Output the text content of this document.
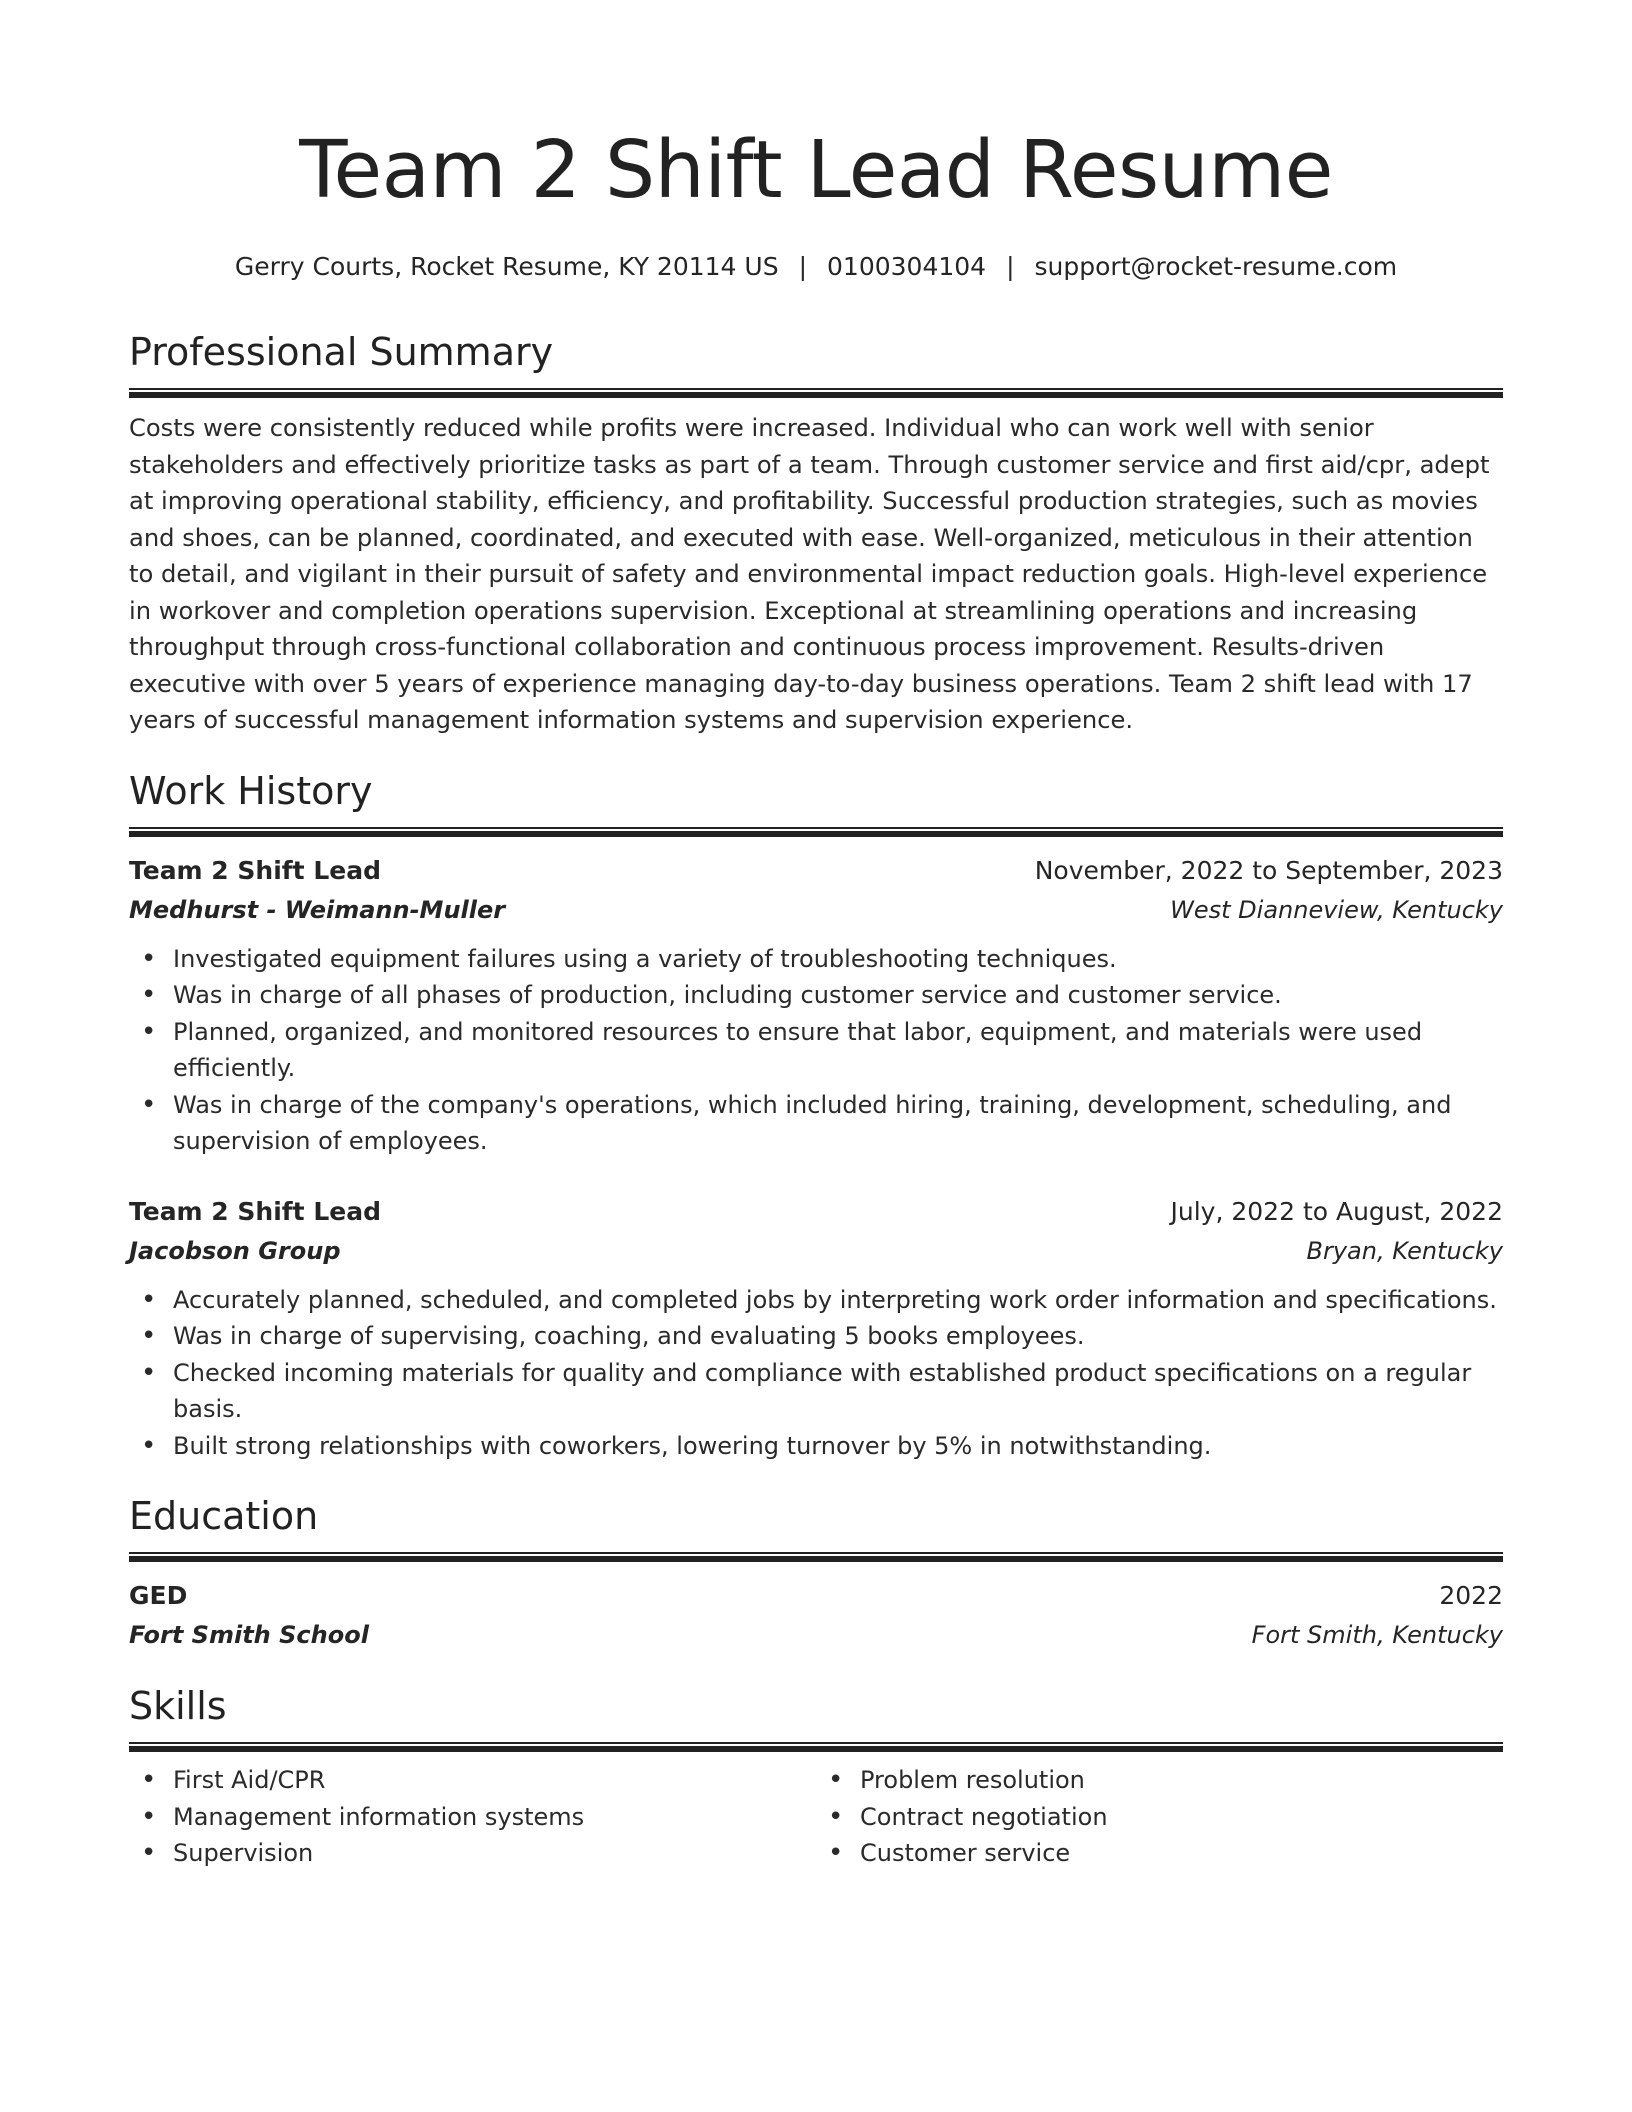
Team 2 Shift Lead Resume
Gerry Courts, Rocket Resume, KY 20114 US | 0100304104 | support@rocket-resume.com
Professional Summary

Costs were consistently reduced while profits were increased. Individual who can work well with senior stakeholders and effectively prioritize tasks as part of a team. Through customer service and first aid/cpr, adept at improving operational stability, efficiency, and profitability. Successful production strategies, such as movies and shoes, can be planned, coordinated, and executed with ease. Well-organized, meticulous in their attention to detail, and vigilant in their pursuit of safety and environmental impact reduction goals. High-level experience in workover and completion operations supervision. Exceptional at streamlining operations and increasing throughput through cross-functional collaboration and continuous process improvement. Results-driven executive with over 5 years of experience managing day-to-day business operations. Team 2 shift lead with 17 years of successful management information systems and supervision experience.

Work History
Team 2 Shift Lead	November, 2022 to September, 2023
Medhurst - Weimann-Muller	West Dianneview, Kentucky
• Investigated equipment failures using a variety of troubleshooting techniques.
• Was in charge of all phases of production, including customer service and customer service.
• Planned, organized, and monitored resources to ensure that labor, equipment, and materials were used efficiently.
• Was in charge of the company's operations, which included hiring, training, development, scheduling, and supervision of employees.
Team 2 Shift Lead	July, 2022 to August, 2022
Jacobson Group	Bryan, Kentucky
• Accurately planned, scheduled, and completed jobs by interpreting work order information and specifications.
• Was in charge of supervising, coaching, and evaluating 5 books employees.
• Checked incoming materials for quality and compliance with established product specifications on a regular basis.
• Built strong relationships with coworkers, lowering turnover by 5% in notwithstanding.
Education
GED	2022
Fort Smith School	Fort Smith, Kentucky
Skills
• First Aid/CPR
• Management information systems
• Supervision
• Problem resolution
• Contract negotiation
• Customer service
